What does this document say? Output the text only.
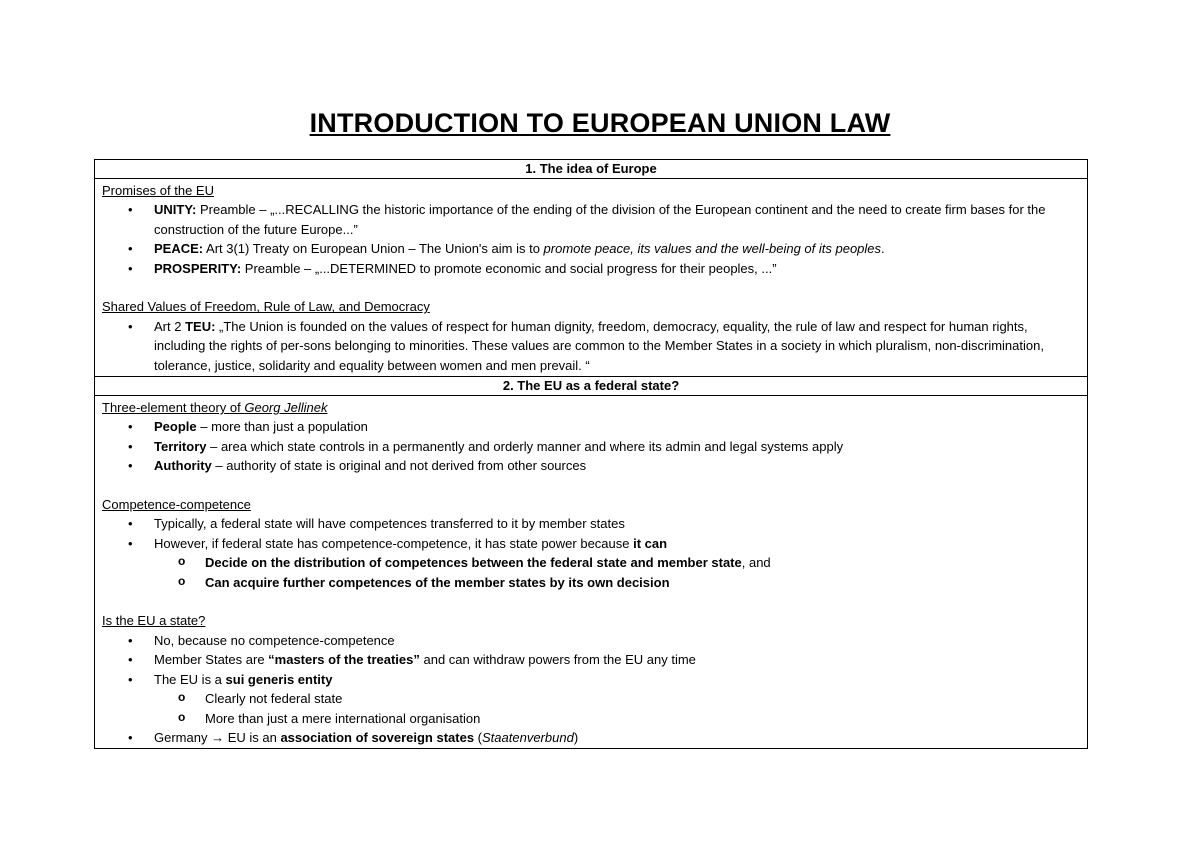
INTRODUCTION TO EUROPEAN UNION LAW
1. The idea of Europe
Promises of the EU
• UNITY: Preamble – „...RECALLING the historic importance of the ending of the division of the European continent and the need to create firm bases for the construction of the future Europe...”
• PEACE: Art 3(1) Treaty on European Union – The Union's aim is to promote peace, its values and the well-being of its peoples.
• PROSPERITY: Preamble – „...DETERMINED to promote economic and social progress for their peoples, ...”
Shared Values of Freedom, Rule of Law, and Democracy
• Art 2 TEU: „The Union is founded on the values of respect for human dignity, freedom, democracy, equality, the rule of law and respect for human rights, including the rights of per-sons belonging to minorities. These values are common to the Member States in a society in which pluralism, non-discrimination, tolerance, justice, solidarity and equality between women and men prevail. “
2. The EU as a federal state?
Three-element theory of Georg Jellinek
• People – more than just a population
• Territory – area which state controls in a permanently and orderly manner and where its admin and legal systems apply
• Authority – authority of state is original and not derived from other sources
Competence-competence
• Typically, a federal state will have competences transferred to it by member states
• However, if federal state has competence-competence, it has state power because it can
o Decide on the distribution of competences between the federal state and member state, and
o Can acquire further competences of the member states by its own decision
Is the EU a state?
• No, because no competence-competence
• Member States are “masters of the treaties” and can withdraw powers from the EU any time
• The EU is a sui generis entity
o Clearly not federal state
o More than just a mere international organisation
• Germany → EU is an association of sovereign states (Staatenverbund)
